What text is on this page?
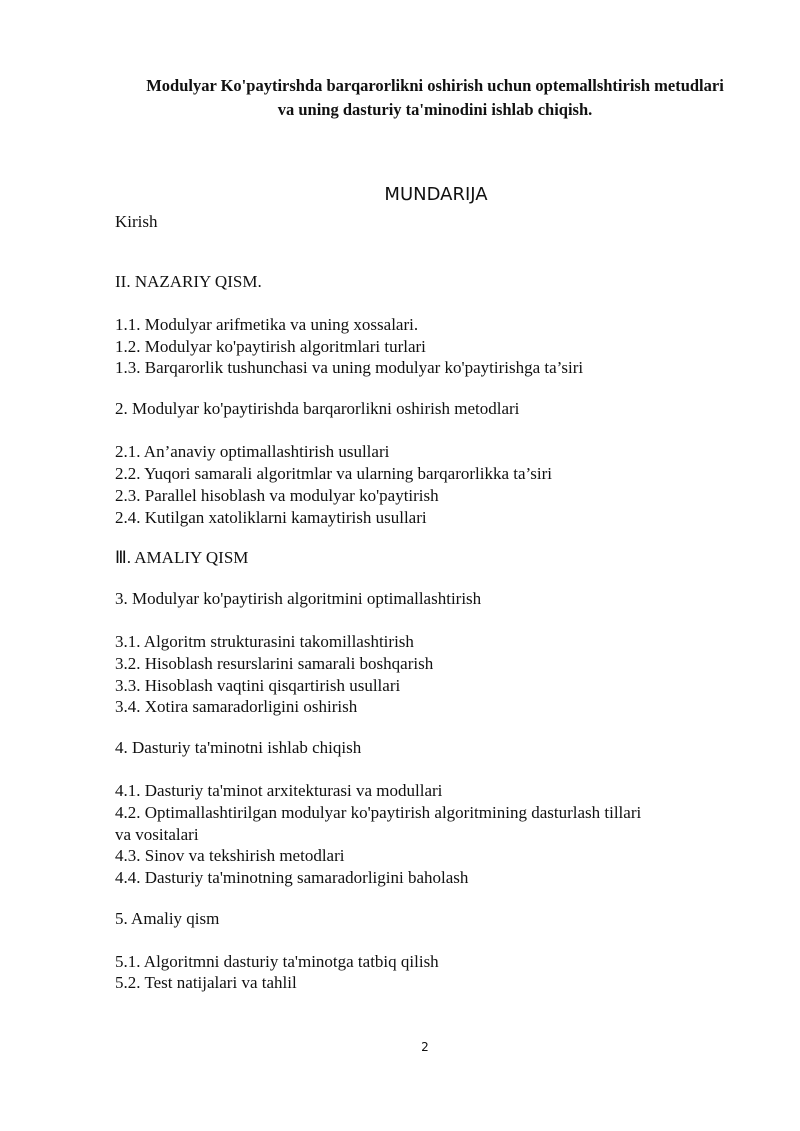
Modulyar Ko'paytirshda barqarorlikni oshirish uchun optemallshtirish metudlari
va uning dasturiy ta'minodini ishlab chiqish.
MUNDARIJA
Kirish
II. NAZARIY QISM.
1.1. Modulyar arifmetika va uning xossalari.
1.2. Modulyar ko'paytirish algoritmlari turlari
1.3. Barqarorlik tushunchasi va uning modulyar ko'paytirishga ta’siri
2. Modulyar ko'paytirishda barqarorlikni oshirish metodlari
2.1. An’anaviy optimallashtirish usullari
2.2. Yuqori samarali algoritmlar va ularning barqarorlikka ta’siri
2.3. Parallel hisoblash va modulyar ko'paytirish
2.4. Kutilgan xatoliklarni kamaytirish usullari
Ⅲ. AMALIY QISM
3. Modulyar ko'paytirish algoritmini optimallashtirish
3.1. Algoritm strukturasini takomillashtirish
3.2. Hisoblash resurslarini samarali boshqarish
3.3. Hisoblash vaqtini qisqartirish usullari
3.4. Xotira samaradorligini oshirish
4. Dasturiy ta'minotni ishlab chiqish
4.1. Dasturiy ta'minot arxitekturasi va modullari
4.2. Optimallashtirilgan modulyar ko'paytirish algoritmining dasturlash tillari
va vositalari
4.3. Sinov va tekshirish metodlari
4.4. Dasturiy ta'minotning samaradorligini baholash
5. Amaliy qism
5.1. Algoritmni dasturiy ta'minotga tatbiq qilish
5.2. Test natijalari va tahlil
2
